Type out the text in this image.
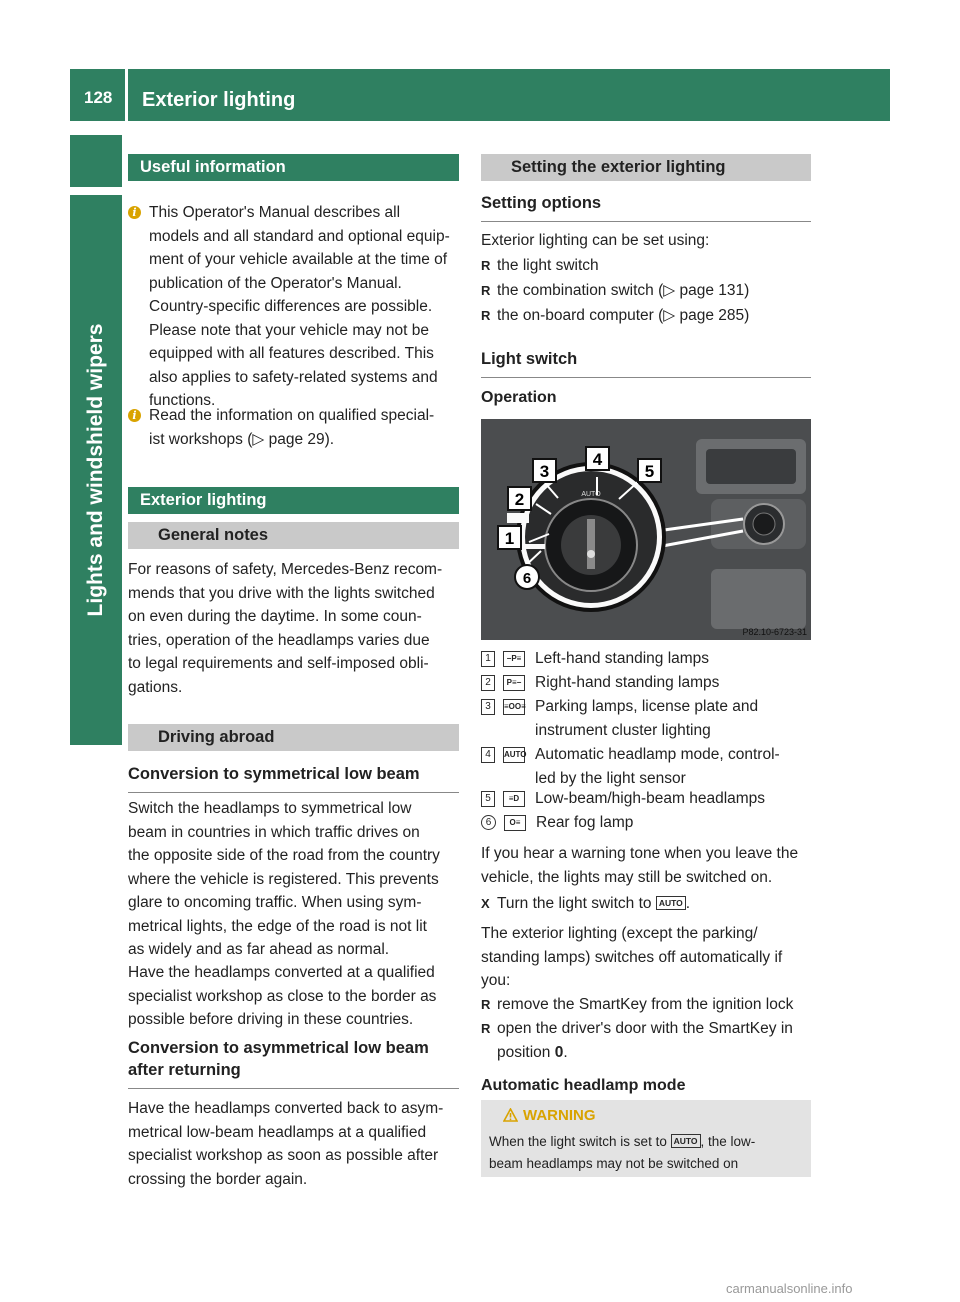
128 Exterior lighting
Lights and windshield wipers
Useful information
i This Operator's Manual describes all
models and all standard and optional equip-
ment of your vehicle available at the time of
publication of the Operator's Manual.
Country-specific differences are possible.
Please note that your vehicle may not be
equipped with all features described. This
also applies to safety-related systems and
functions.
i Read the information on qualified special-
ist workshops (▷ page 29).
Exterior lighting
General notes
For reasons of safety, Mercedes-Benz recom-
mends that you drive with the lights switched
on even during the daytime. In some coun-
tries, operation of the headlamps varies due
to legal requirements and self-imposed obli-
gations.
Driving abroad
Conversion to symmetrical low beam
Switch the headlamps to symmetrical low
beam in countries in which traffic drives on
the opposite side of the road from the country
where the vehicle is registered. This prevents
glare to oncoming traffic. When using sym-
metrical lights, the edge of the road is not lit
as widely and as far ahead as normal.
Have the headlamps converted at a qualified
specialist workshop as close to the border as
possible before driving in these countries.
Conversion to asymmetrical low beam
after returning
Have the headlamps converted back to asym-
metrical low-beam headlamps at a qualified
specialist workshop as soon as possible after
crossing the border again.
Setting the exterior lighting
Setting options
Exterior lighting can be set using:
R the light switch
R the combination switch (▷ page 131)
R the on-board computer (▷ page 285)
Light switch
Operation
AUTO
3
4
5
2
1
6
P82.10-6723-31
1	−P≡ Left-hand standing lamps
2	P≡− Right-hand standing lamps
3	≡OO≡ Parking lamps, license plate and
instrument cluster lighting
4	AUTO Automatic headlamp mode, control-
led by the light sensor
5	≡D	Low-beam/high-beam headlamps
6	O≡	Rear fog lamp
If you hear a warning tone when you leave the
vehicle, the lights may still be switched on.
X Turn the light switch to AUTO .
The exterior lighting (except the parking/
standing lamps) switches off automatically if
you:
R remove the SmartKey from the ignition lock
R open the driver's door with the SmartKey in
position 0.
Automatic headlamp mode
WARNING
When the light switch is set to AUTO , the low-
beam headlamps may not be switched on
carmanualsonline.info
